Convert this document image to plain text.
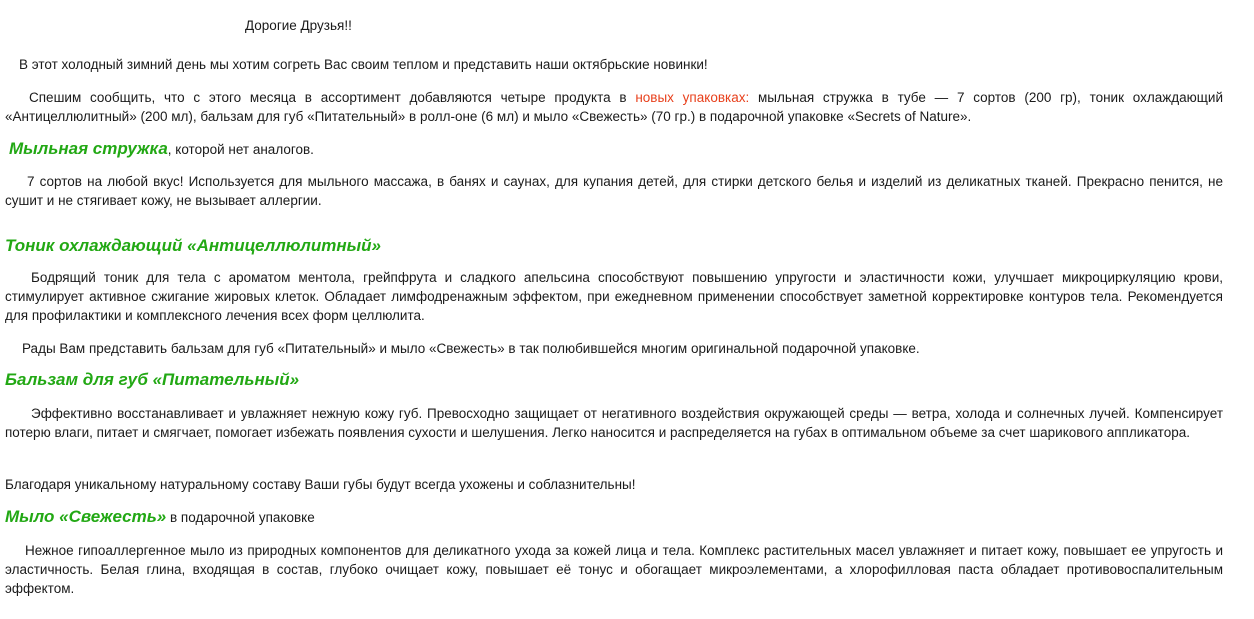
Дорогие Друзья!!

В этот холодный зимний день мы хотим согреть Вас своим теплом и представить наши октябрьские новинки!

Спешим сообщить, что с этого месяца в ассортимент добавляются четыре продукта в новых упаковках: мыльная стружка в тубе — 7 сортов (200 гр), тоник охлаждающий «Антицеллюлитный» (200 мл), бальзам для губ «Питательный» в ролл-оне (6 мл) и мыло «Свежесть» (70 гр.) в подарочной упаковке «Secrets of Nature».

Мыльная стружка, которой нет аналогов.

7 сортов на любой вкус! Используется для мыльного массажа, в банях и саунах, для купания детей, для стирки детского белья и изделий из деликатных тканей. Прекрасно пенится, не сушит и не стягивает кожу, не вызывает аллергии.

Тоник охлаждающий «Антицеллюлитный»

Бодрящий тоник для тела с ароматом ментола, грейпфрута и сладкого апельсина способствуют повышению упругости и эластичности кожи, улучшает микроциркуляцию крови, стимулирует активное сжигание жировых клеток. Обладает лимфодренажным эффектом, при ежедневном применении способствует заметной корректировке контуров тела. Рекомендуется для профилактики и комплексного лечения всех форм целлюлита.

Рады Вам представить бальзам для губ «Питательный» и мыло «Свежесть» в так полюбившейся многим оригинальной подарочной упаковке.

Бальзам для губ «Питательный»

Эффективно восстанавливает и увлажняет нежную кожу губ. Превосходно защищает от негативного воздействия окружающей среды — ветра, холода и солнечных лучей. Компенсирует потерю влаги, питает и смягчает, помогает избежать появления сухости и шелушения. Легко наносится и распределяется на губах в оптимальном объеме за счет шарикового аппликатора.

Благодаря уникальному натуральному составу Ваши губы будут всегда ухожены и соблазнительны!

Мыло «Свежесть» в подарочной упаковке

Нежное гипоаллергенное мыло из природных компонентов для деликатного ухода за кожей лица и тела. Комплекс растительных масел увлажняет и питает кожу, повышает ее упругость и эластичность. Белая глина, входящая в состав, глубоко очищает кожу, повышает её тонус и обогащает микроэлементами, а хлорофилловая паста обладает противовоспалительным эффектом.
